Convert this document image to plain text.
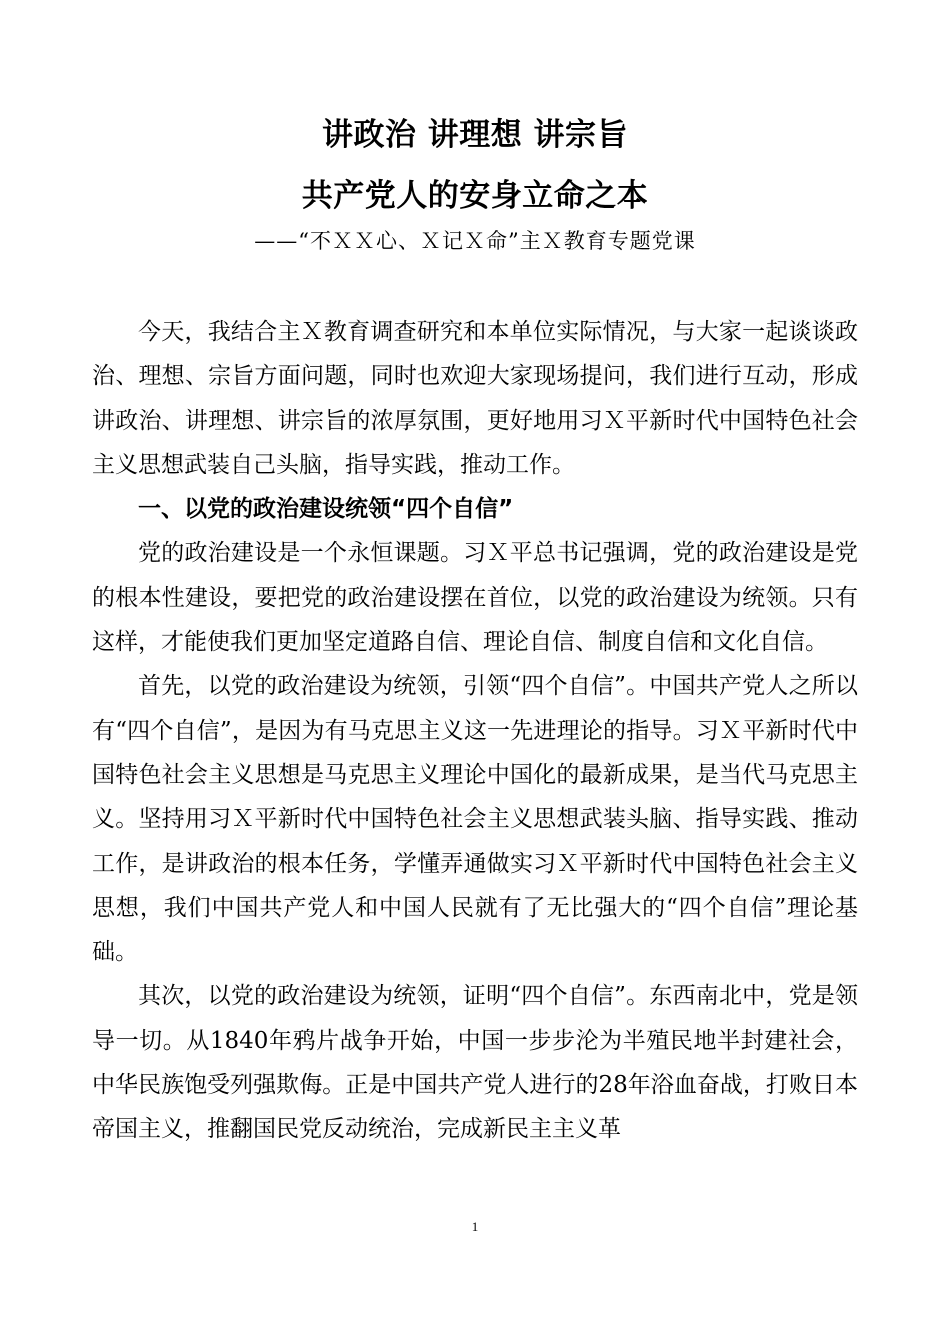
讲政治 讲理想 讲宗旨
共产党人的安身立命之本
——“不ＸＸ心、Ｘ记Ｘ命”主Ｘ教育专题党课

今天，我结合主Ｘ教育调查研究和本单位实际情况，与大家一起谈谈政治、理想、宗旨方面问题，同时也欢迎大家现场提问，我们进行互动，形成讲政治、讲理想、讲宗旨的浓厚氛围，更好地用习Ｘ平新时代中国特色社会主义思想武装自己头脑，指导实践，推动工作。

一、以党的政治建设统领“四个自信”

党的政治建设是一个永恒课题。习Ｘ平总书记强调，党的政治建设是党的根本性建设，要把党的政治建设摆在首位，以党的政治建设为统领。只有这样，才能使我们更加坚定道路自信、理论自信、制度自信和文化自信。

首先，以党的政治建设为统领，引领“四个自信”。中国共产党人之所以有“四个自信”，是因为有马克思主义这一先进理论的指导。习Ｘ平新时代中国特色社会主义思想是马克思主义理论中国化的最新成果，是当代马克思主义。坚持用习Ｘ平新时代中国特色社会主义思想武装头脑、指导实践、推动工作，是讲政治的根本任务，学懂弄通做实习Ｘ平新时代中国特色社会主义思想，我们中国共产党人和中国人民就有了无比强大的“四个自信”理论基础。

其次，以党的政治建设为统领，证明“四个自信”。东西南北中，党是领导一切。从1840年鸦片战争开始，中国一步步沦为半殖民地半封建社会，中华民族饱受列强欺侮。正是中国共产党人进行的28年浴血奋战，打败日本帝国主义，推翻国民党反动统治，完成新民主主义革

1
